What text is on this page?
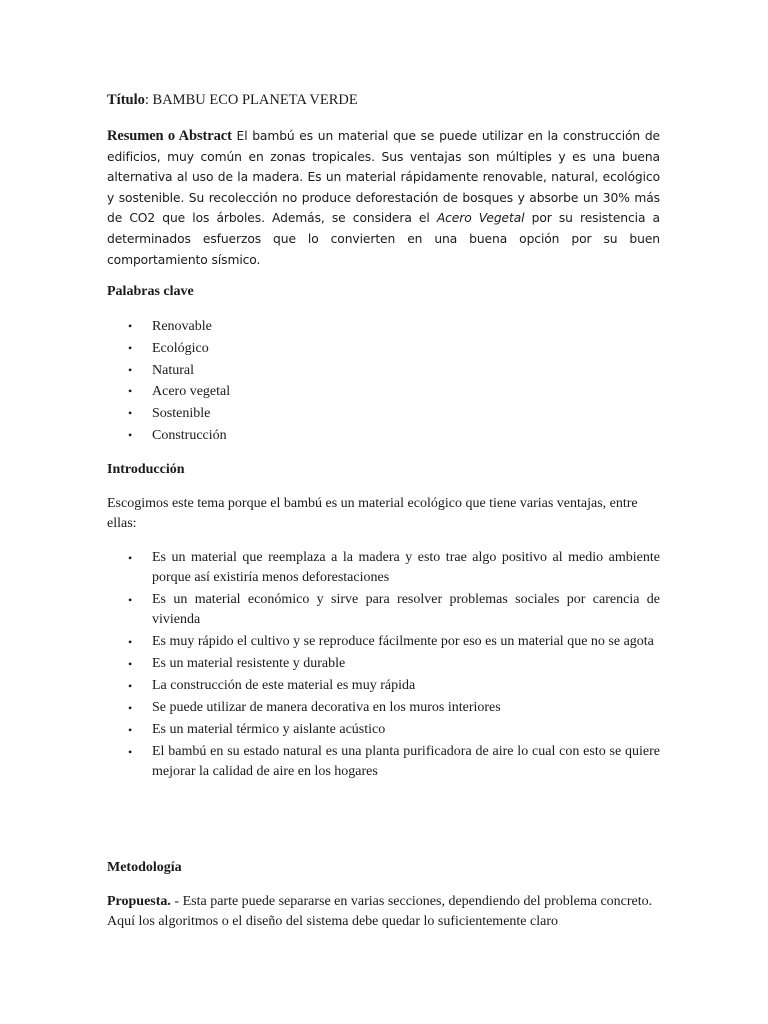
Título: BAMBU ECO PLANETA VERDE

Resumen o Abstract El bambú es un material que se puede utilizar en la construcción de edificios, muy común en zonas tropicales. Sus ventajas son múltiples y es una buena alternativa al uso de la madera. Es un material rápidamente renovable, natural, ecológico y sostenible. Su recolección no produce deforestación de bosques y absorbe un 30% más de CO2 que los árboles. Además, se considera el Acero Vegetal por su resistencia a determinados esfuerzos que lo convierten en una buena opción por su buen comportamiento sísmico.

Palabras clave
• Renovable
• Ecológico
• Natural
• Acero vegetal
• Sostenible
• Construcción
Introducción

Escogimos este tema porque el bambú es un material ecológico que tiene varias ventajas, entre ellas:

• Es un material que reemplaza a la madera y esto trae algo positivo al medio ambiente porque así existiría menos deforestaciones
• Es un material económico y sirve para resolver problemas sociales por carencia de vivienda
• Es muy rápido el cultivo y se reproduce fácilmente por eso es un material que no se agota
• Es un material resistente y durable
• La construcción de este material es muy rápida
• Se puede utilizar de manera decorativa en los muros interiores
• Es un material térmico y aislante acústico
• El bambú en su estado natural es una planta purificadora de aire lo cual con esto se quiere mejorar la calidad de aire en los hogares
Metodología

Propuesta. - Esta parte puede separarse en varias secciones, dependiendo del problema concreto. Aquí los algoritmos o el diseño del sistema debe quedar lo suficientemente claro
